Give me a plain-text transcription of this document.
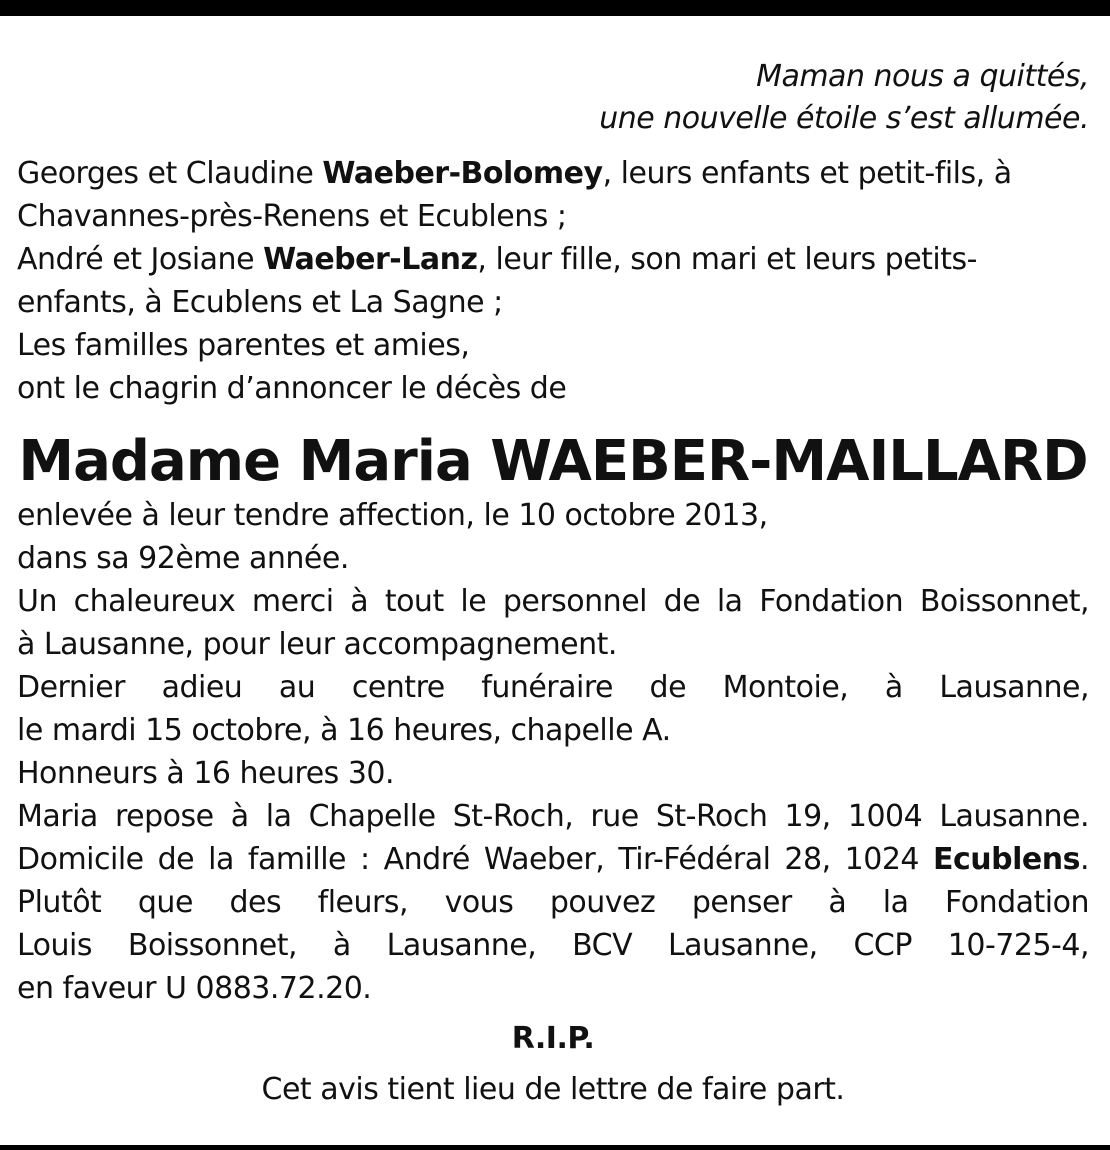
Maman nous a quittés,
une nouvelle étoile s’est allumée.
Georges et Claudine Waeber-Bolomey, leurs enfants et petit-fils, à
Chavannes-près-Renens et Ecublens ;
André et Josiane Waeber-Lanz, leur fille, son mari et leurs petits-
enfants, à Ecublens et La Sagne ;
Les familles parentes et amies,
ont le chagrin d’annoncer le décès de
Madame Maria WAEBER-MAILLARD
enlevée à leur tendre affection, le 10 octobre 2013,
dans sa 92ème année.
Un chaleureux merci à tout le personnel de la Fondation Boissonnet,
à Lausanne, pour leur accompagnement.
Dernier adieu au centre funéraire de Montoie, à Lausanne,
le mardi 15 octobre, à 16 heures, chapelle A.
Honneurs à 16 heures 30.
Maria repose à la Chapelle St-Roch, rue St-Roch 19, 1004 Lausanne.
Domicile de la famille : André Waeber, Tir-Fédéral 28, 1024 Ecublens.
Plutôt que des fleurs, vous pouvez penser à la Fondation
Louis Boissonnet, à Lausanne, BCV Lausanne, CCP 10-725-4,
en faveur U 0883.72.20.
R.I.P.
Cet avis tient lieu de lettre de faire part.
